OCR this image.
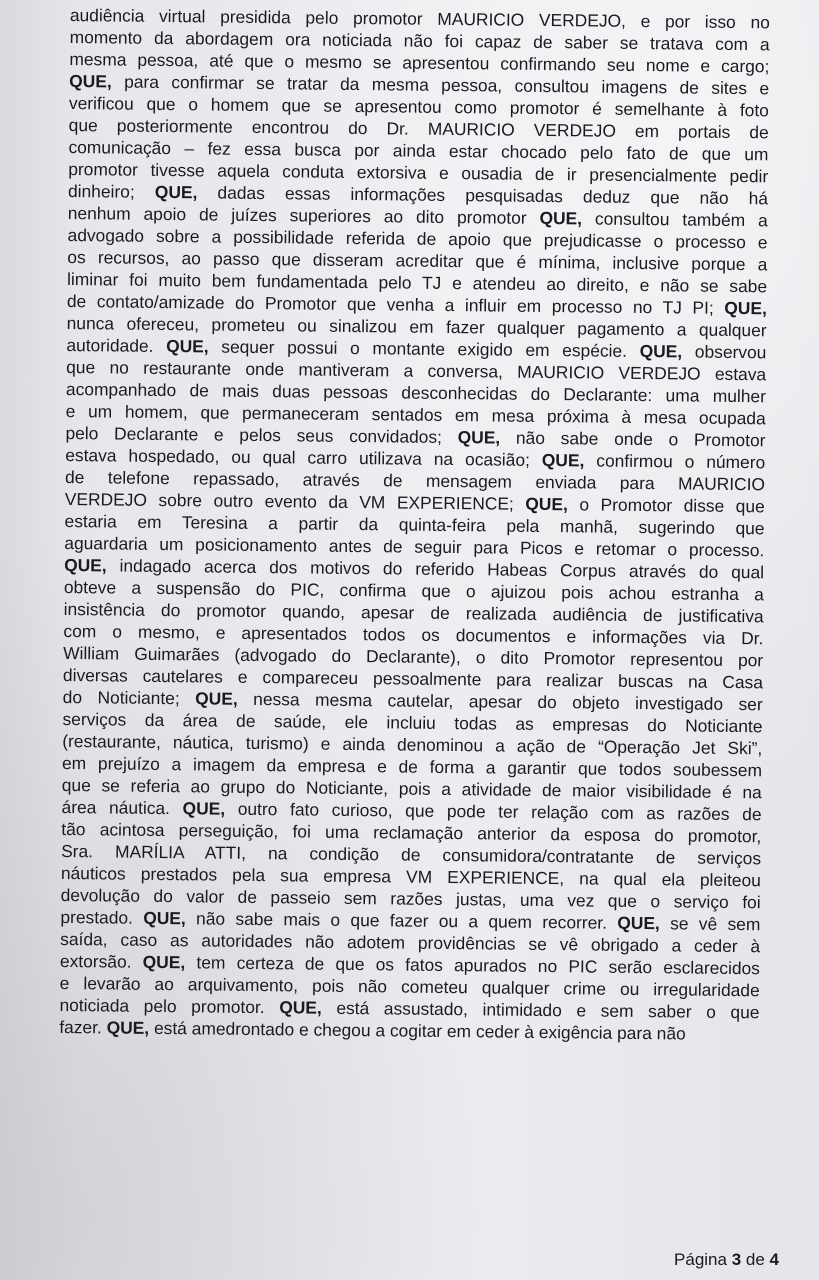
audiência virtual presidida pelo promotor MAURICIO VERDEJO, e por isso no
momento da abordagem ora noticiada não foi capaz de saber se tratava com a
mesma pessoa, até que o mesmo se apresentou confirmando seu nome e cargo;
QUE, para confirmar se tratar da mesma pessoa, consultou imagens de sites e
verificou que o homem que se apresentou como promotor é semelhante à foto
que posteriormente encontrou do Dr. MAURICIO VERDEJO em portais de
comunicação – fez essa busca por ainda estar chocado pelo fato de que um
promotor tivesse aquela conduta extorsiva e ousadia de ir presencialmente pedir
dinheiro; QUE, dadas essas informações pesquisadas deduz que não há
nenhum apoio de juízes superiores ao dito promotor QUE, consultou também a
advogado sobre a possibilidade referida de apoio que prejudicasse o processo e
os recursos, ao passo que disseram acreditar que é mínima, inclusive porque a
liminar foi muito bem fundamentada pelo TJ e atendeu ao direito, e não se sabe
de contato/amizade do Promotor que venha a influir em processo no TJ PI; QUE,
nunca ofereceu, prometeu ou sinalizou em fazer qualquer pagamento a qualquer
autoridade. QUE, sequer possui o montante exigido em espécie. QUE, observou
que no restaurante onde mantiveram a conversa, MAURICIO VERDEJO estava
acompanhado de mais duas pessoas desconhecidas do Declarante: uma mulher
e um homem, que permaneceram sentados em mesa próxima à mesa ocupada
pelo Declarante e pelos seus convidados; QUE, não sabe onde o Promotor
estava hospedado, ou qual carro utilizava na ocasião; QUE, confirmou o número
de telefone repassado, através de mensagem enviada para MAURICIO
VERDEJO sobre outro evento da VM EXPERIENCE; QUE, o Promotor disse que
estaria em Teresina a partir da quinta-feira pela manhã, sugerindo que
aguardaria um posicionamento antes de seguir para Picos e retomar o processo.
QUE, indagado acerca dos motivos do referido Habeas Corpus através do qual
obteve a suspensão do PIC, confirma que o ajuizou pois achou estranha a
insistência do promotor quando, apesar de realizada audiência de justificativa
com o mesmo, e apresentados todos os documentos e informações via Dr.
William Guimarães (advogado do Declarante), o dito Promotor representou por
diversas cautelares e compareceu pessoalmente para realizar buscas na Casa
do Noticiante; QUE, nessa mesma cautelar, apesar do objeto investigado ser
serviços da área de saúde, ele incluiu todas as empresas do Noticiante
(restaurante, náutica, turismo) e ainda denominou a ação de “Operação Jet Ski”,
em prejuízo a imagem da empresa e de forma a garantir que todos soubessem
que se referia ao grupo do Noticiante, pois a atividade de maior visibilidade é na
área náutica. QUE, outro fato curioso, que pode ter relação com as razões de
tão acintosa perseguição, foi uma reclamação anterior da esposa do promotor,
Sra. MARÍLIA ATTI, na condição de consumidora/contratante de serviços
náuticos prestados pela sua empresa VM EXPERIENCE, na qual ela pleiteou
devolução do valor de passeio sem razões justas, uma vez que o serviço foi
prestado. QUE, não sabe mais o que fazer ou a quem recorrer. QUE, se vê sem
saída, caso as autoridades não adotem providências se vê obrigado a ceder à
extorsão. QUE, tem certeza de que os fatos apurados no PIC serão esclarecidos
e levarão ao arquivamento, pois não cometeu qualquer crime ou irregularidade
noticiada pelo promotor. QUE, está assustado, intimidado e sem saber o que
fazer. QUE, está amedrontado e chegou a cogitar em ceder à exigência para não
Página 3 de 4
